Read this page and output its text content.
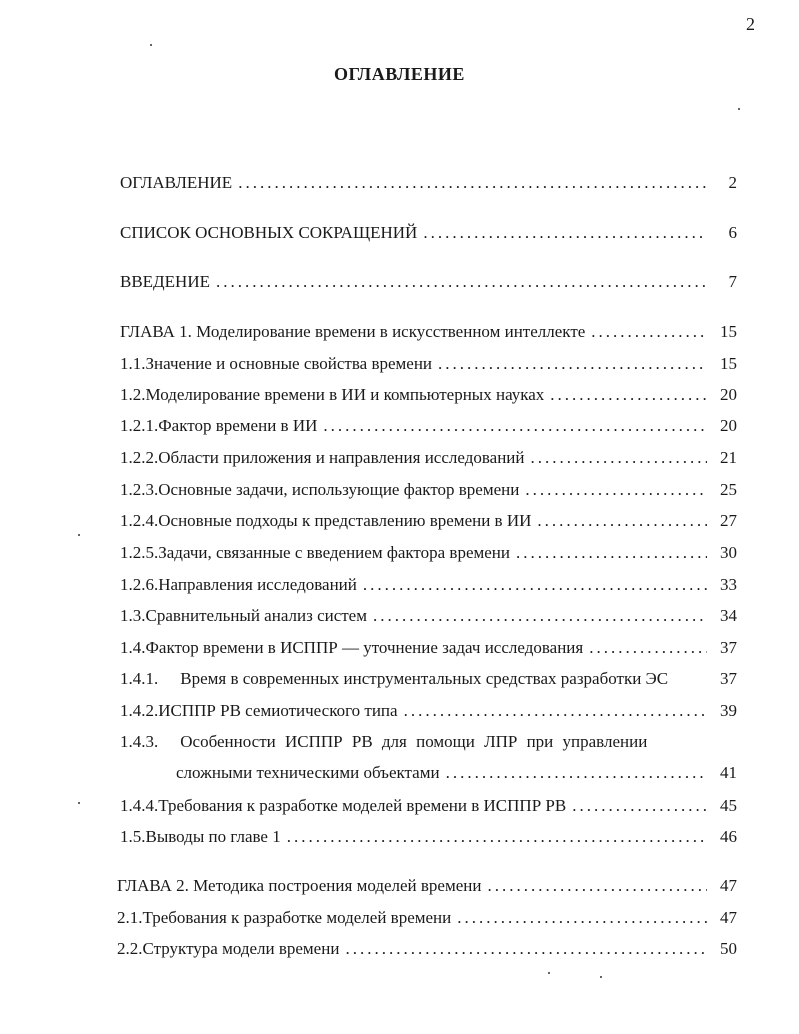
2
ОГЛАВЛЕНИЕ
ОГЛАВЛЕНИЕ .....	2
СПИСОК ОСНОВНЫХ СОКРАЩЕНИЙ .....	6
ВВЕДЕНИЕ .....	7
ГЛАВА 1. Моделирование времени в искусственном интеллекте .....	15
1.1. Значение и основные свойства времени .....	15
1.2. Моделирование времени в ИИ и компьютерных науках .....	20
1.2.1. Фактор времени в ИИ .....	20
1.2.2. Области приложения и направления исследований .....	21
1.2.3. Основные задачи, использующие фактор времени .....	25
1.2.4. Основные подходы к представлению времени в ИИ .....	27
1.2.5. Задачи, связанные с введением фактора времени .....	30
1.2.6. Направления исследований .....	33
1.3. Сравнительный анализ систем .....	34
1.4. Фактор времени в ИСППР — уточнение задач исследования .....	37
1.4.1. Время в современных инструментальных средствах разработки ЭС	37
1.4.2. ИСППР РВ семиотического типа .....	39
1.4.3. Особенности ИСППР РВ для помощи ЛПР при управлении
сложными техническими объектами .....	41
1.4.4. Требования к разработке моделей времени в ИСППР РВ .....	45
1.5. Выводы по главе 1 .....	46
ГЛАВА 2. Методика построения моделей времени .....	47
2.1. Требования к разработке моделей времени .....	47
2.2. Структура модели времени .....	50
